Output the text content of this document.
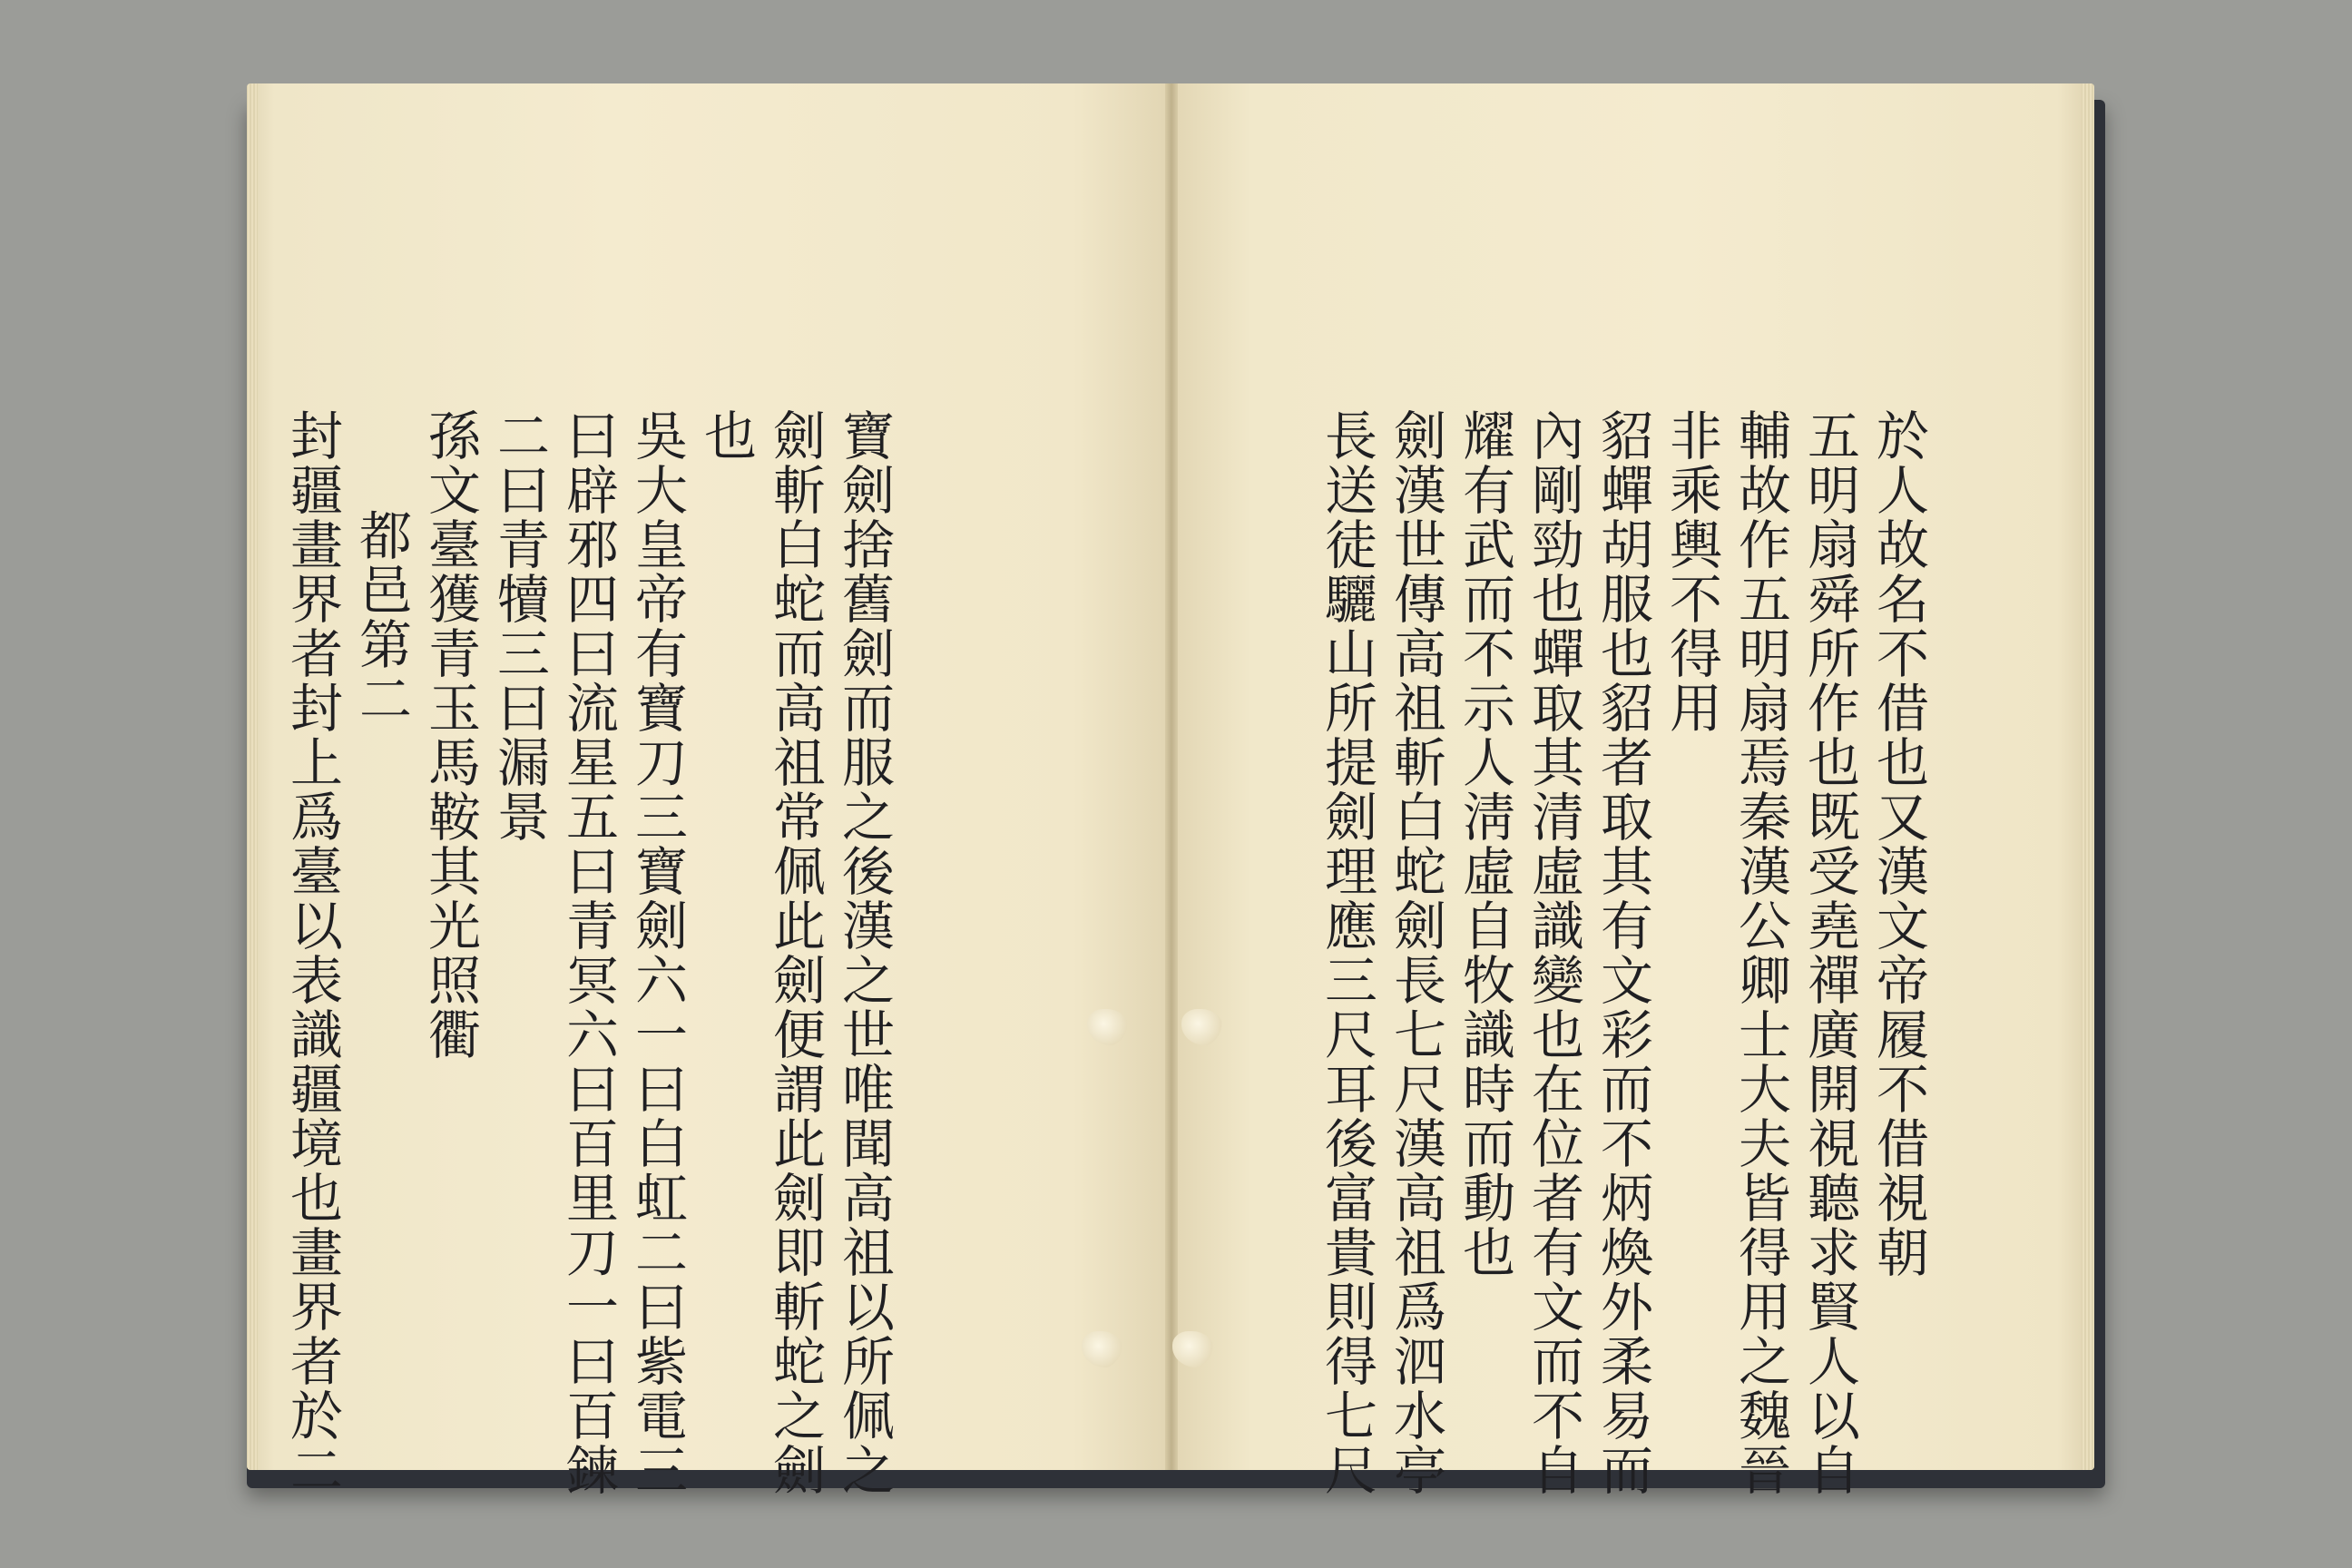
寶劍捨舊劍而服之後漢之世唯聞高祖以所佩之
劍斬白蛇而高祖常佩此劍便謂此劍即斬蛇之劍
也
吳大皇帝有寶刀三寶劍六一曰白虹二曰紫電三
曰辟邪四曰流星五曰青冥六曰百里刀一曰百鍊
二曰青犢三曰漏景
孫文臺獲青玉馬鞍其光照衢
都邑第二
封疆畫界者封上爲臺以表識疆境也畫界者於二	於人故名不借也又漢文帝履不借視朝
五明扇舜所作也既受堯禪廣開視聽求賢人以自
輔故作五明扇焉秦漢公卿士大夫皆得用之魏晉
非乘輿不得用
貂蟬胡服也貂者取其有文彩而不炳煥外柔易而
內剛勁也蟬取其清虛識變也在位者有文而不自
耀有武而不示人淸虛自牧識時而動也
劍漢世傳高祖斬白蛇劍長七尺漢高祖爲泗水亭
長送徒驪山所提劍理應三尺耳後富貴則得七尺
